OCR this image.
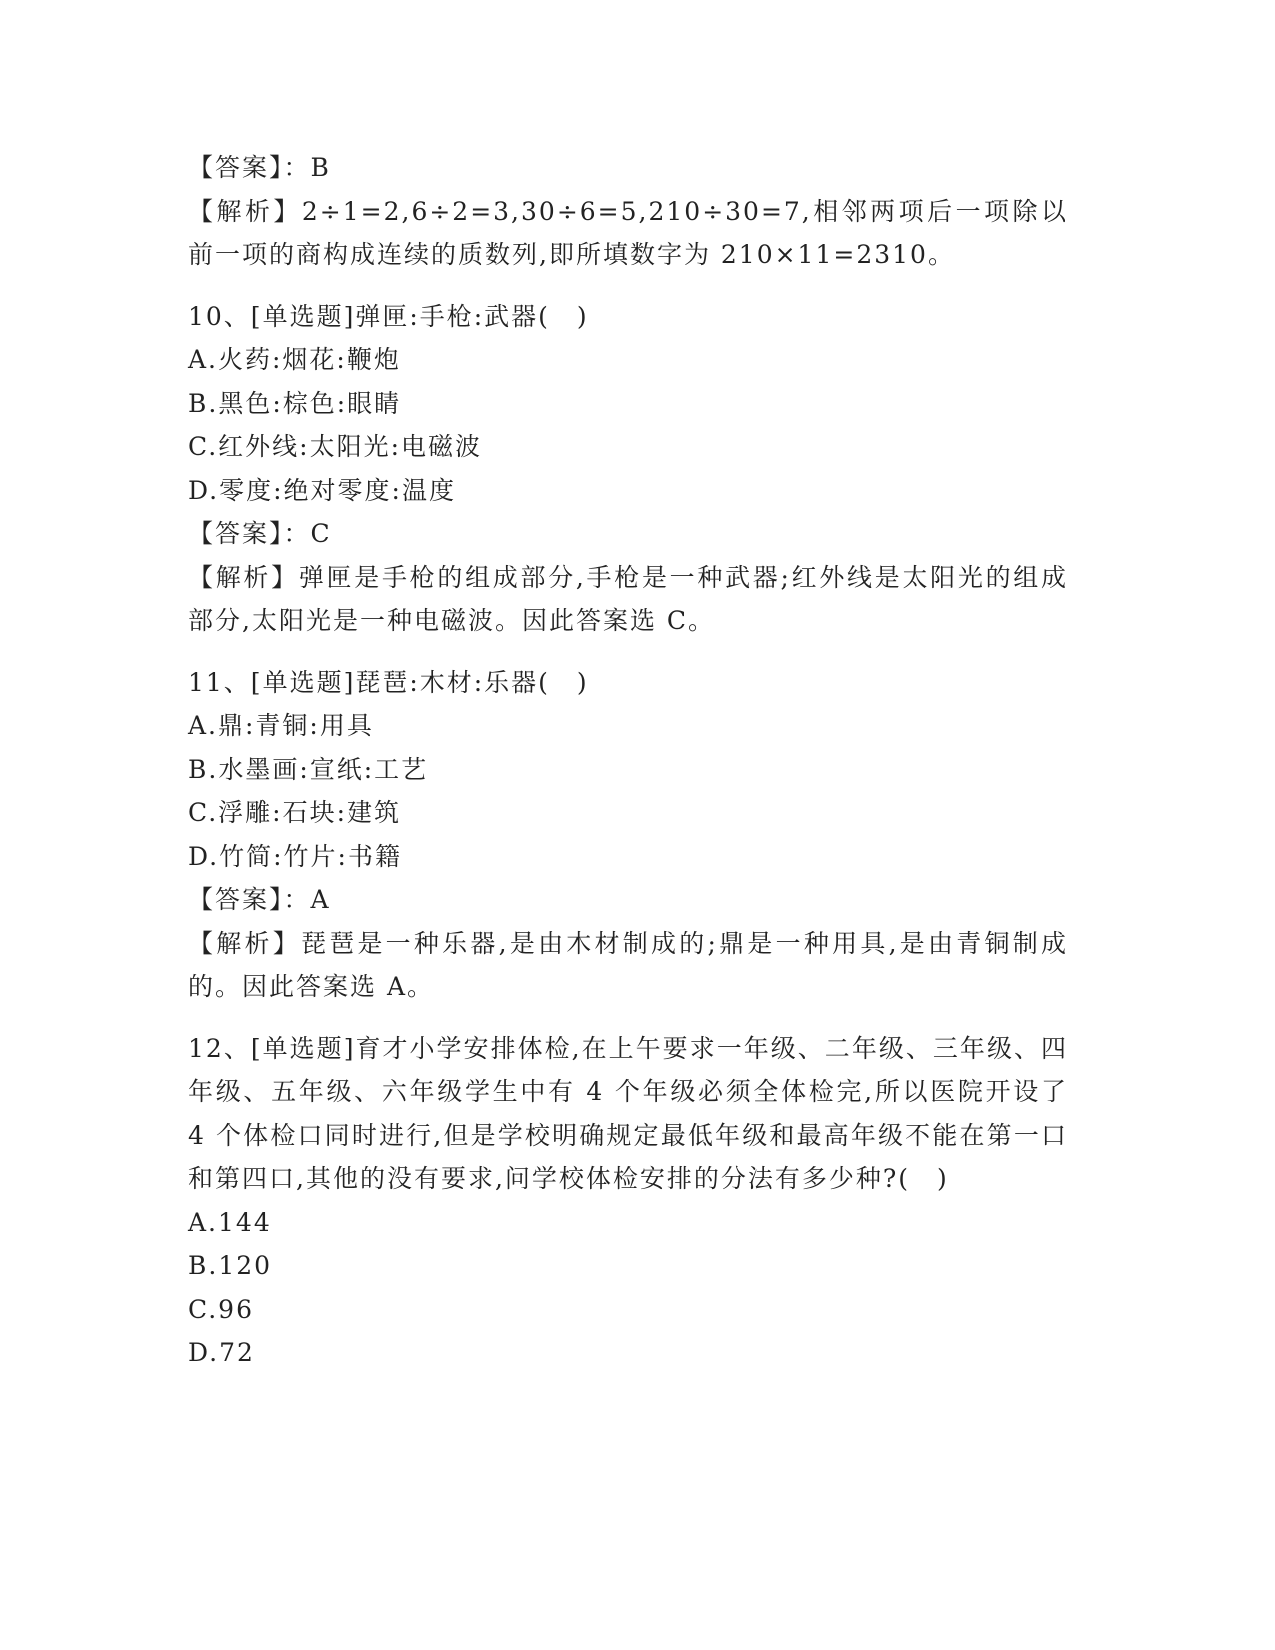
【答案】：B
【解析】2÷1=2,6÷2=3,30÷6=5,210÷30=7,相邻两项后一项除以前一项的商构成连续的质数列,即所填数字为 210×11=2310。
10、[单选题]弹匣:手枪:武器(　)
A.火药:烟花:鞭炮
B.黑色:棕色:眼睛
C.红外线:太阳光:电磁波
D.零度:绝对零度:温度
【答案】：C
【解析】弹匣是手枪的组成部分,手枪是一种武器;红外线是太阳光的组成部分,太阳光是一种电磁波。因此答案选 C。
11、[单选题]琵琶:木材:乐器(　)
A.鼎:青铜:用具
B.水墨画:宣纸:工艺
C.浮雕:石块:建筑
D.竹简:竹片:书籍
【答案】：A
【解析】琵琶是一种乐器,是由木材制成的;鼎是一种用具,是由青铜制成的。因此答案选 A。
12、[单选题]育才小学安排体检,在上午要求一年级、二年级、三年级、四年级、五年级、六年级学生中有 4 个年级必须全体检完,所以医院开设了 4 个体检口同时进行,但是学校明确规定最低年级和最高年级不能在第一口和第四口,其他的没有要求,问学校体检安排的分法有多少种?(　)
A.144
B.120
C.96
D.72
